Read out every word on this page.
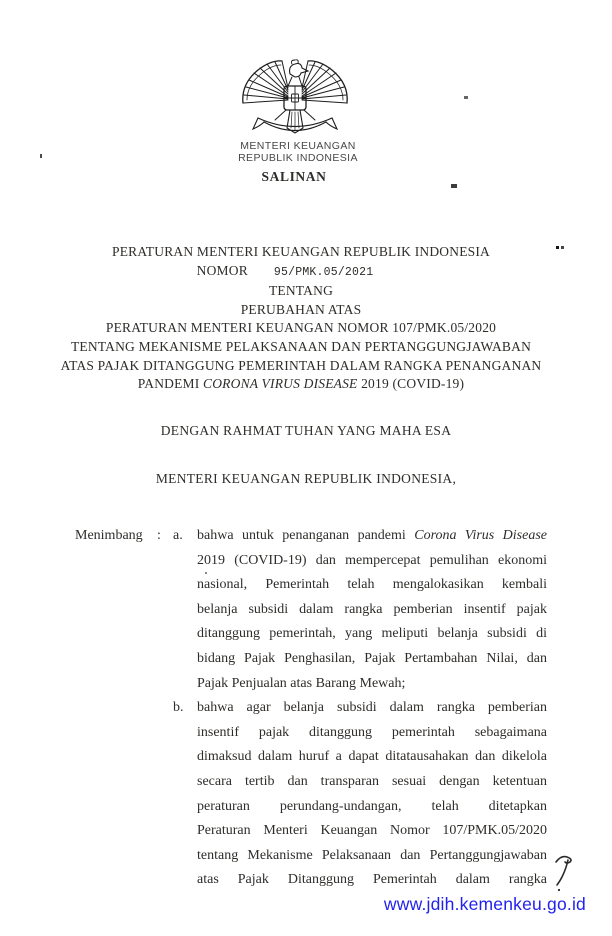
MENTERI KEUANGAN
REPUBLIK INDONESIA
SALINAN
PERATURAN MENTERI KEUANGAN REPUBLIK INDONESIA
NOMOR 95/PMK.05/2021
TENTANG
PERUBAHAN ATAS
PERATURAN MENTERI KEUANGAN NOMOR 107/PMK.05/2020
TENTANG MEKANISME PELAKSANAAN DAN PERTANGGUNGJAWABAN
ATAS PAJAK DITANGGUNG PEMERINTAH DALAM RANGKA PENANGANAN
PANDEMI CORONA VIRUS DISEASE 2019 (COVID-19)
DENGAN RAHMAT TUHAN YANG MAHA ESA
MENTERI KEUANGAN REPUBLIK INDONESIA,
Menimbang : a. bahwa untuk penanganan pandemi Corona Virus Disease
2019 (COVID-19) dan mempercepat pemulihan ekonomi
nasional, Pemerintah telah mengalokasikan kembali
belanja subsidi dalam rangka pemberian insentif pajak
ditanggung pemerintah, yang meliputi belanja subsidi di
bidang Pajak Penghasilan, Pajak Pertambahan Nilai, dan
Pajak Penjualan atas Barang Mewah;
b. bahwa agar belanja subsidi dalam rangka pemberian
insentif pajak ditanggung pemerintah sebagaimana
dimaksud dalam huruf a dapat ditatausahakan dan dikelola
secara tertib dan transparan sesuai dengan ketentuan
peraturan perundang-undangan, telah ditetapkan
Peraturan Menteri Keuangan Nomor 107/PMK.05/2020
tentang Mekanisme Pelaksanaan dan Pertanggungjawaban
atas Pajak Ditanggung Pemerintah dalam rangka
www.jdih.kemenkeu.go.id
